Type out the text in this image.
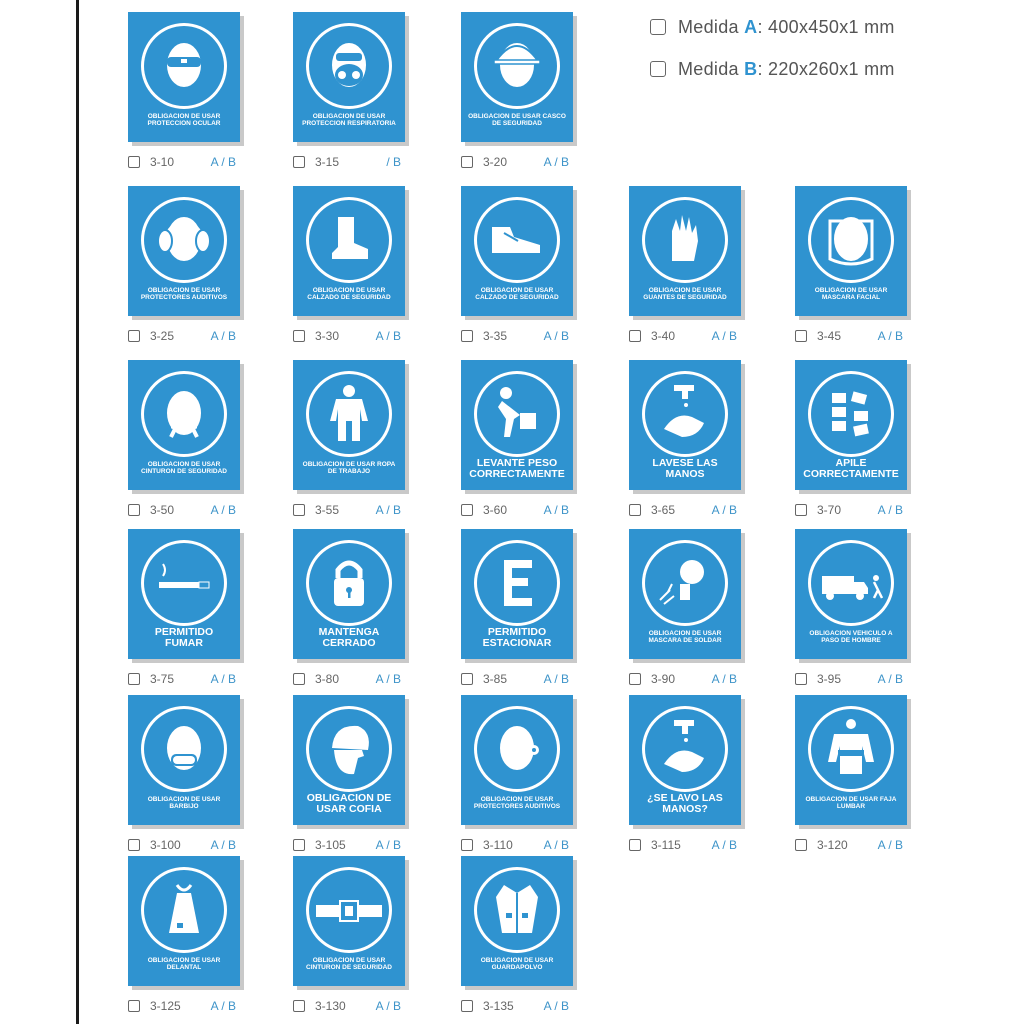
Medida A: 400x450x1 mm
Medida B: 220x260x1 mm
OBLIGACION DE USAR PROTECCION OCULAR
3-10	A / B
OBLIGACION DE USAR PROTECCION RESPIRATORIA
3-15	/ B
OBLIGACION DE USAR CASCO DE SEGURIDAD
3-20	A / B
OBLIGACION DE USAR PROTECTORES AUDITIVOS
3-25	A / B
OBLIGACION DE USAR CALZADO DE SEGURIDAD
3-30	A / B
OBLIGACION DE USAR CALZADO DE SEGURIDAD
3-35	A / B
OBLIGACION DE USAR GUANTES DE SEGURIDAD
3-40	A / B
OBLIGACION DE USAR MASCARA FACIAL
3-45	A / B
OBLIGACION DE USAR CINTURON DE SEGURIDAD
3-50	A / B
OBLIGACION DE USAR ROPA DE TRABAJO
3-55	A / B
LEVANTE PESO CORRECTAMENTE
3-60	A / B
LAVESE LAS MANOS
3-65	A / B
APILE CORRECTAMENTE
3-70	A / B
PERMITIDO FUMAR
3-75	A / B
MANTENGA CERRADO
3-80	A / B
PERMITIDO ESTACIONAR
3-85	A / B
OBLIGACION DE USAR MASCARA DE SOLDAR
3-90	A / B
OBLIGACION VEHICULO A PASO DE HOMBRE
3-95	A / B
OBLIGACION DE USAR BARBIJO
3-100 A / B
OBLIGACION DE USAR COFIA
3-105 A / B
OBLIGACION DE USAR PROTECTORES AUDITIVOS
3-110	A / B
¿SE LAVO LAS MANOS?
3-115	A / B
OBLIGACION DE USAR FAJA LUMBAR
3-120 A / B
OBLIGACION DE USAR DELANTAL
3-125 A / B
OBLIGACION DE USAR CINTURON DE SEGURIDAD
3-130 A / B
OBLIGACION DE USAR GUARDAPOLVO
3-135 A / B
